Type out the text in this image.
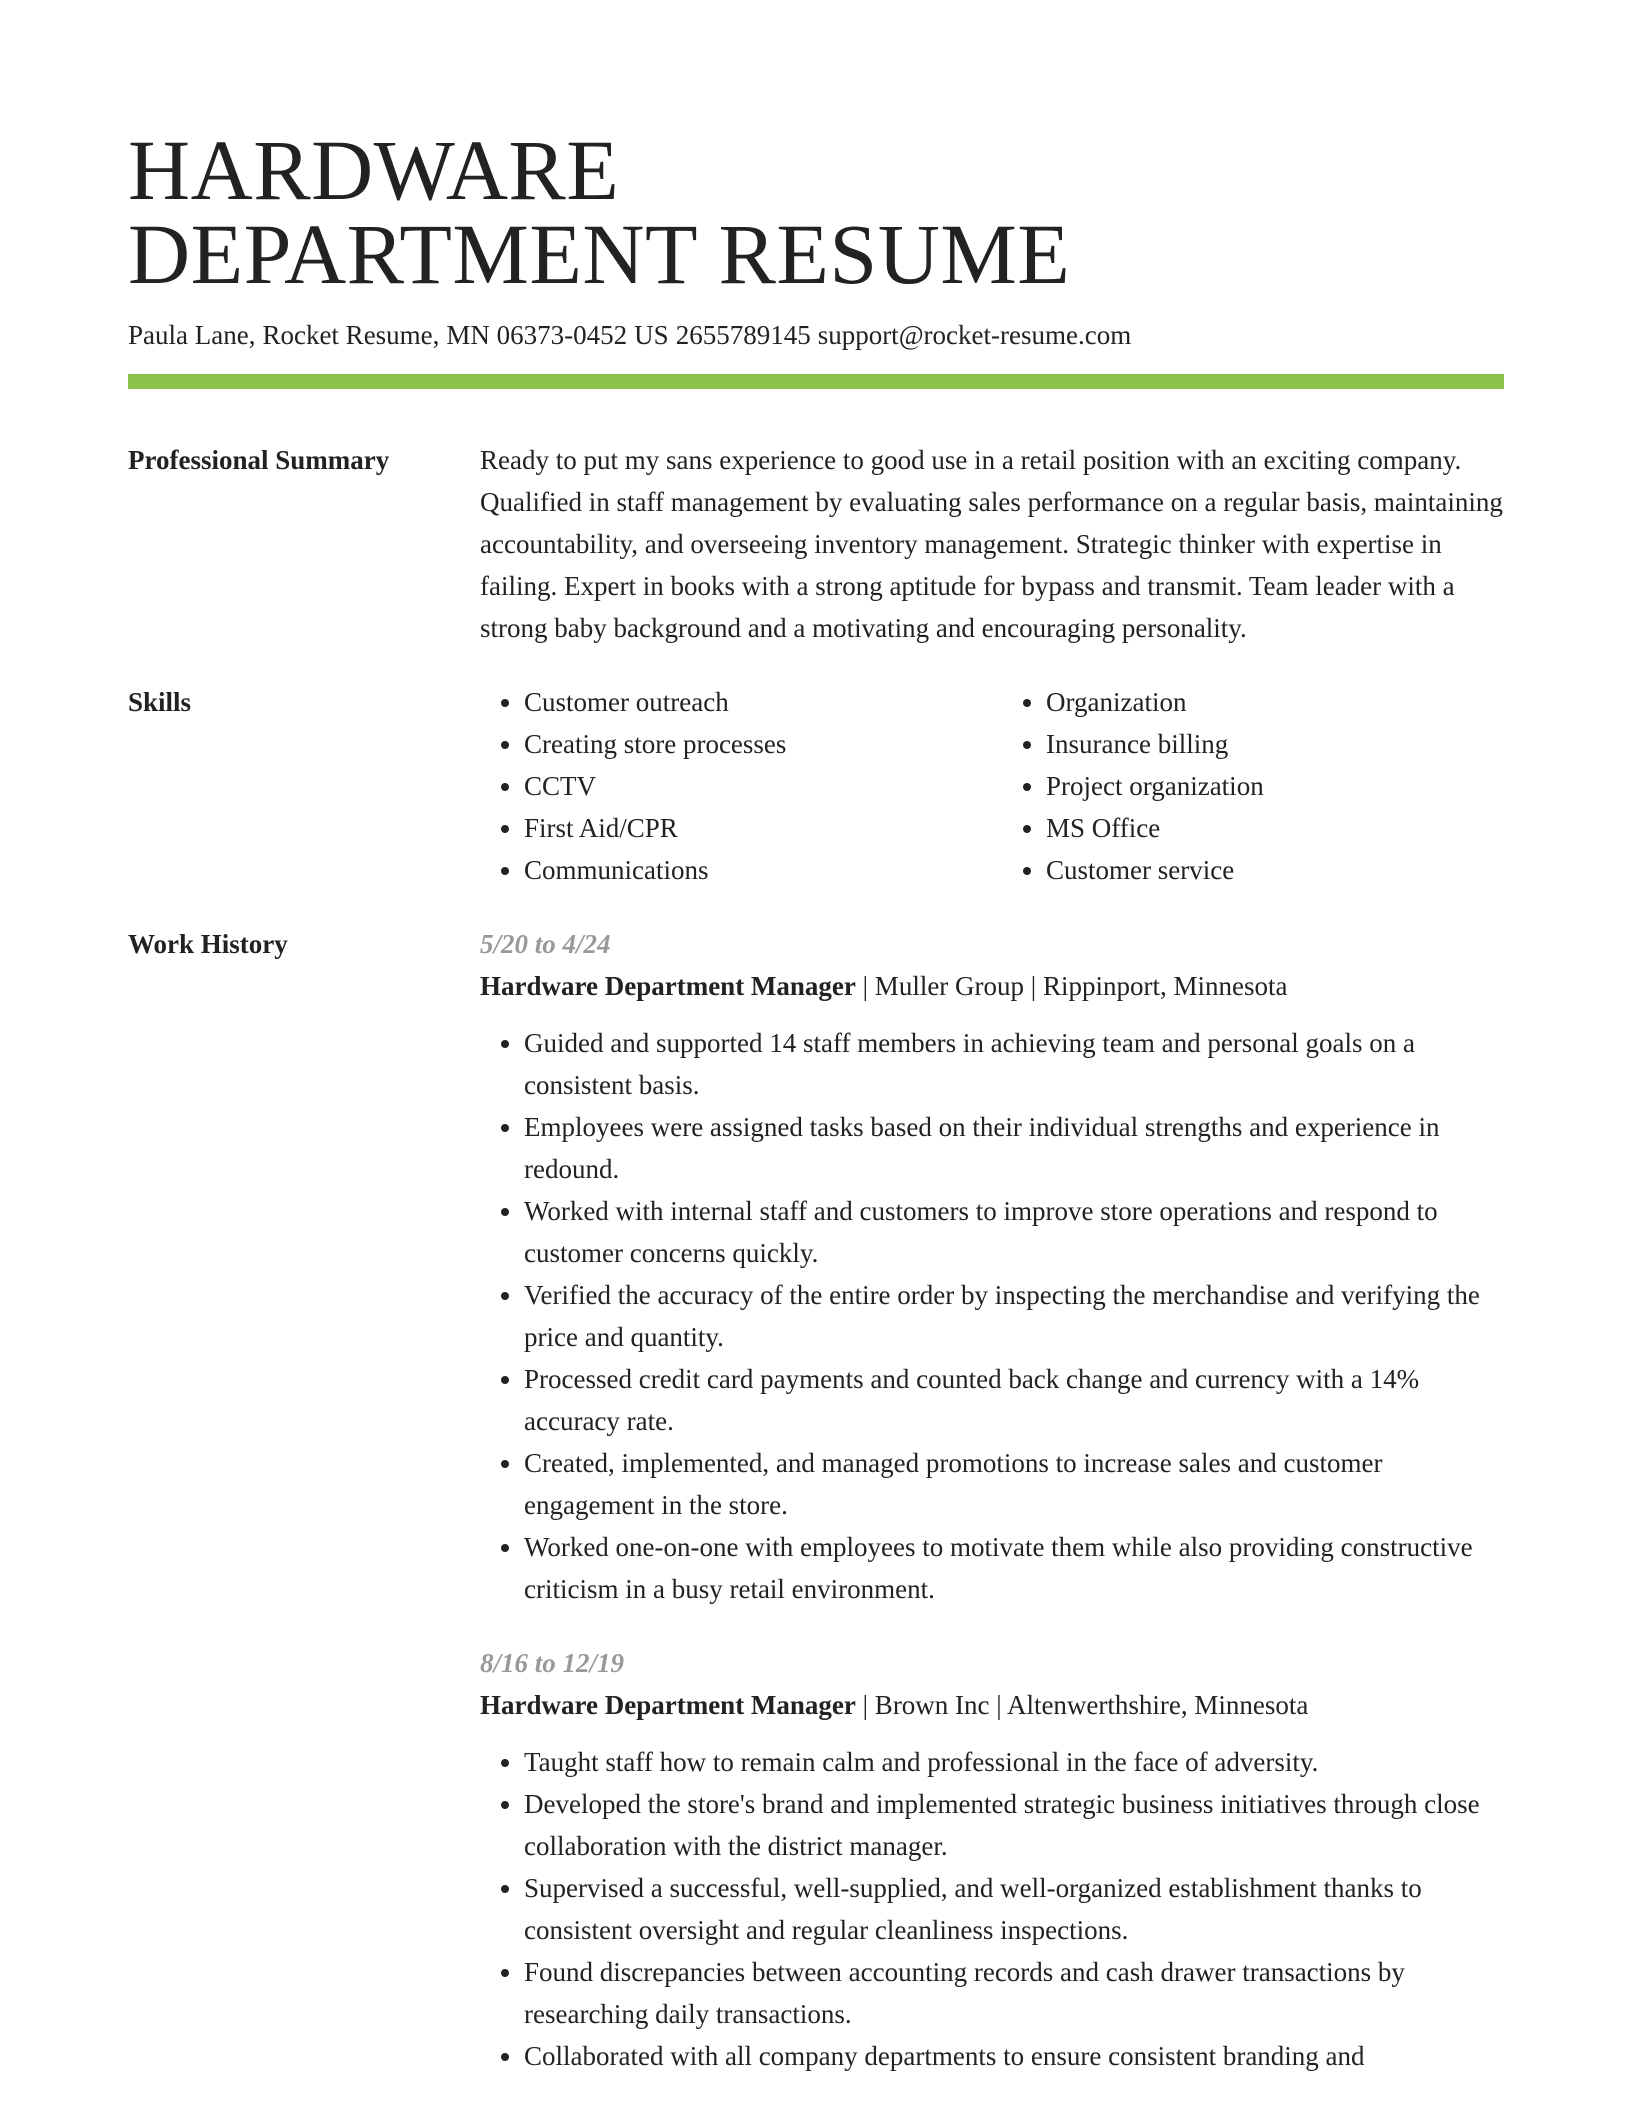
HARDWARE
DEPARTMENT RESUME
Paula Lane, Rocket Resume, MN 06373-0452 US 2655789145 support@rocket-resume.com
Professional Summary	Ready to put my sans experience to good use in a retail position with an exciting company. Qualified in staff management by evaluating sales performance on a regular basis, maintaining accountability, and overseeing inventory management. Strategic thinker with expertise in failing. Expert in books with a strong aptitude for bypass and transmit. Team leader with a strong baby background and a motivating and encouraging personality.

Skills
•	Customer outreach
• Creating store processes
• CCTV
• First Aid/CPR
• Communications
• Organization
• Insurance billing
• Project organization
• MS Office
• Customer service
Work History	5/20 to 4/24
Hardware Department Manager | Muller Group | Rippinport, Minnesota
• Guided and supported 14 staff members in achieving team and personal goals on a consistent basis.
• Employees were assigned tasks based on their individual strengths and experience in redound.
• Worked with internal staff and customers to improve store operations and respond to customer concerns quickly.
• Verified the accuracy of the entire order by inspecting the merchandise and verifying the price and quantity.
• Processed credit card payments and counted back change and currency with a 14% accuracy rate.
• Created, implemented, and managed promotions to increase sales and customer engagement in the store.
• Worked one-on-one with employees to motivate them while also providing constructive criticism in a busy retail environment.
8/16 to 12/19
Hardware Department Manager | Brown Inc | Altenwerthshire, Minnesota
• Taught staff how to remain calm and professional in the face of adversity.
• Developed the store's brand and implemented strategic business initiatives through close collaboration with the district manager.
• Supervised a successful, well-supplied, and well-organized establishment thanks to consistent oversight and regular cleanliness inspections.
• Found discrepancies between accounting records and cash drawer transactions by researching daily transactions.
• Collaborated with all company departments to ensure consistent branding and
